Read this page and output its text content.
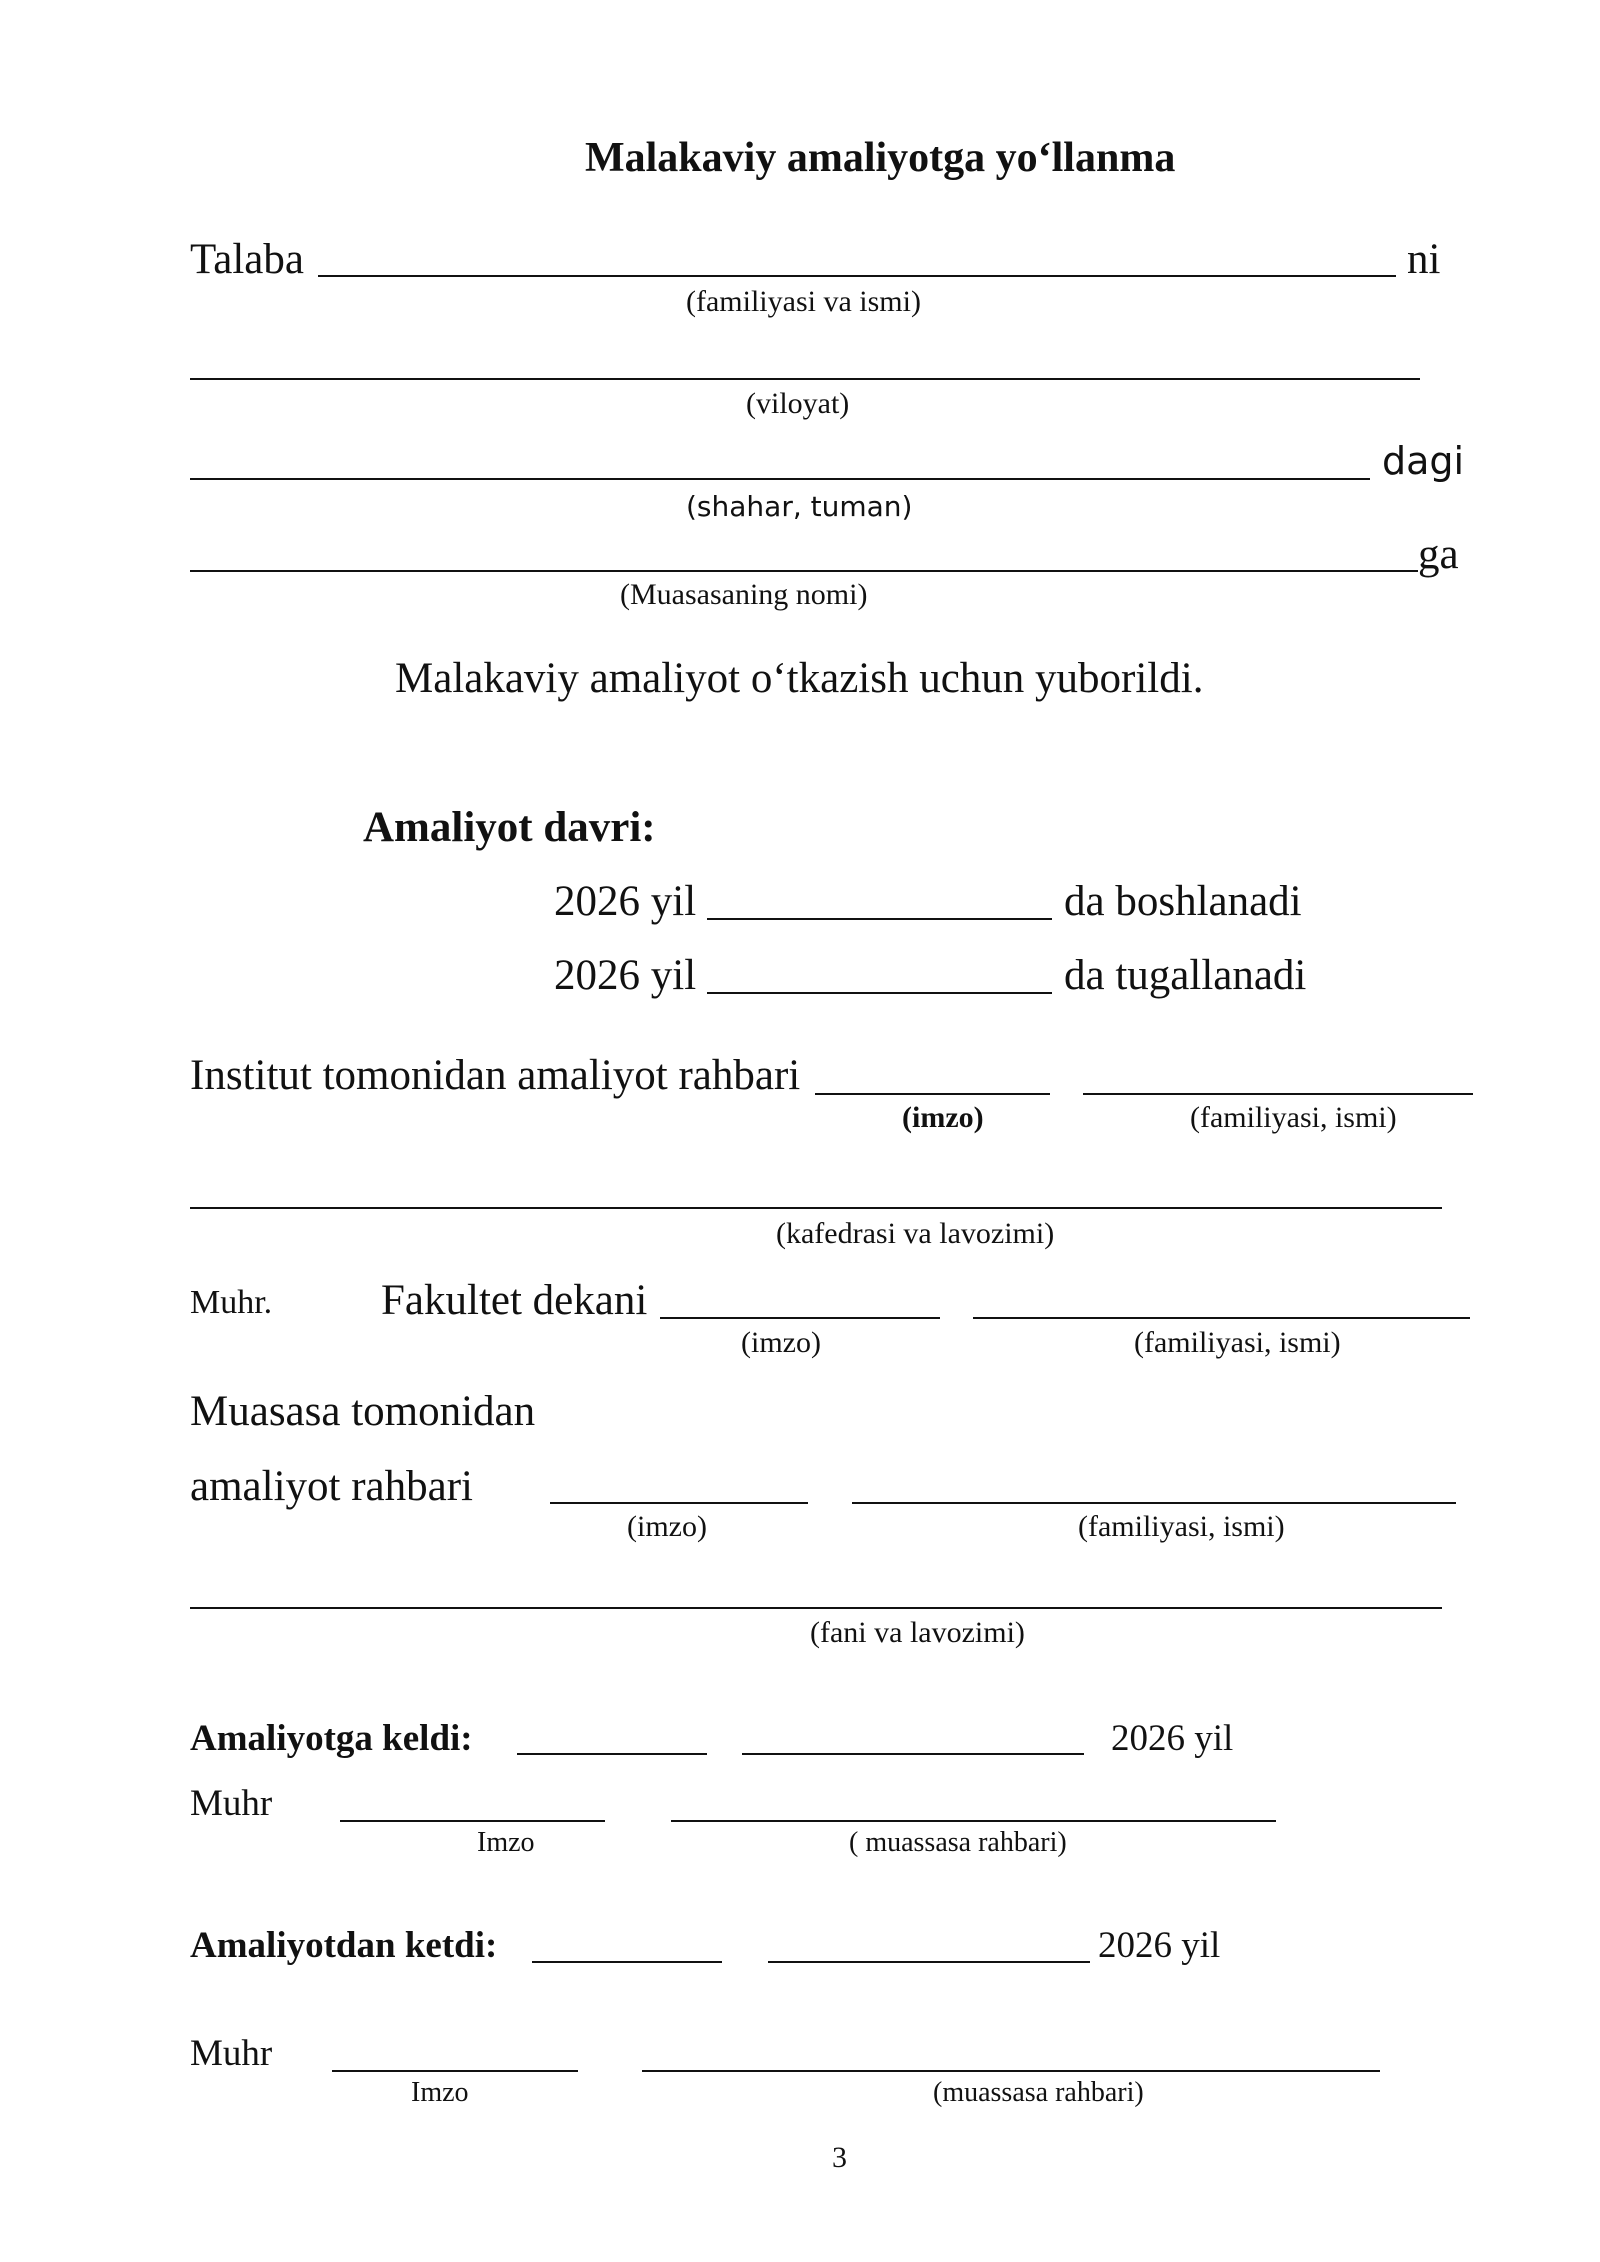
Malakaviy amaliyotga yo‘llanma
Talaba	ni
(familiyasi va ismi)
(viloyat)
dagi
(shahar, tuman)
ga
(Muasasaning nomi)
Malakaviy amaliyot o‘tkazish uchun yuborildi.
Amaliyot davri:
2026 yil	da boshlanadi
2026 yil	da tugallanadi
Institut tomonidan amaliyot rahbari
(imzo)	(familiyasi, ismi)
(kafedrasi va lavozimi)
Muhr.	Fakultet dekani
(imzo)	(familiyasi, ismi)
Muasasa tomonidan
amaliyot rahbari
(imzo)	(familiyasi, ismi)
(fani va lavozimi)
Amaliyotga keldi:	2026 yil
Muhr
Imzo	( muassasa rahbari)
Amaliyotdan ketdi:	2026 yil
Muhr
Imzo	(muassasa rahbari)
3
